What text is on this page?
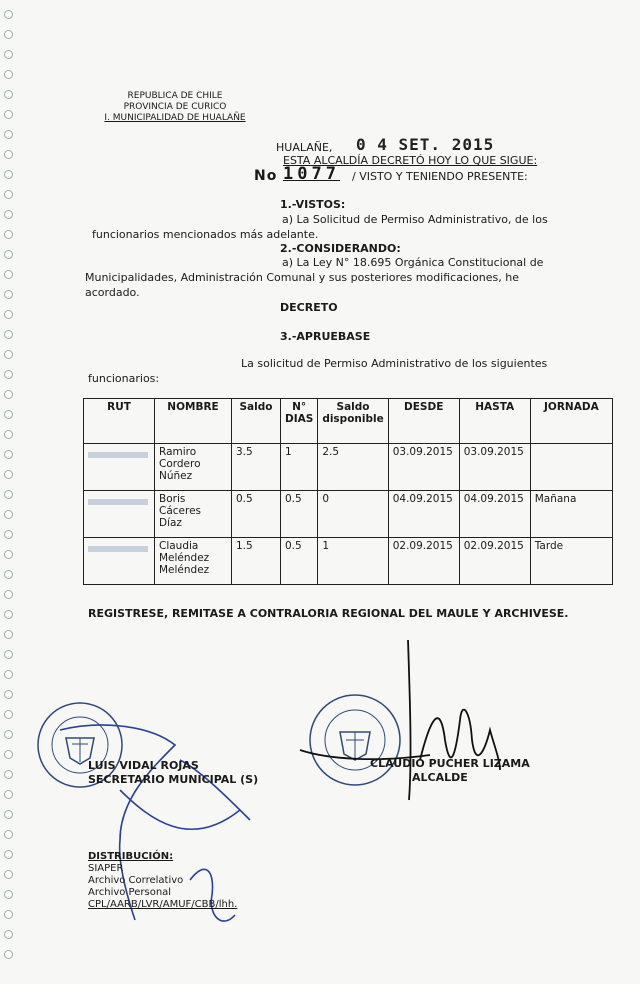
REPUBLICA DE CHILE
PROVINCIA DE CURICO
I. MUNICIPALIDAD DE HUALAÑE
HUALAÑE, 0 4 SET. 2015
ESTA ALCALDÍA DECRETÓ HOY LO QUE SIGUE:
No 1077 / VISTO Y TENIENDO PRESENTE:
1.-VISTOS:
a) La Solicitud de Permiso Administrativo, de los
funcionarios mencionados más adelante.
2.-CONSIDERANDO:
a) La Ley N° 18.695 Orgánica Constitucional de
Municipalidades, Administración Comunal y sus posteriores modificaciones, he
acordado.
DECRETO
3.-APRUEBASE
La solicitud de Permiso Administrativo de los siguientes
funcionarios:
RUT	NOMBRE	Saldo	N° DIAS	Saldo disponible	DESDE	HASTA	JORNADA
	Ramiro Cordero Núñez	3.5	1	2.5	03.09.2015	03.09.2015	
	Boris Cáceres Díaz	0.5	0.5	0	04.09.2015	04.09.2015	Mañana
	Claudia Meléndez Meléndez	1.5	0.5	1	02.09.2015	02.09.2015	Tarde
REGISTRESE, REMITASE A CONTRALORIA REGIONAL DEL MAULE Y ARCHIVESE.
LUIS VIDAL ROJAS
SECRETARIO MUNICIPAL (S)
CLAUDIO PUCHER LIZAMA
ALCALDE
DISTRIBUCIÓN:
SIAPER
Archivo Correlativo
Archivo Personal
CPL/AARB/LVR/AMUF/CBB/lhh.
